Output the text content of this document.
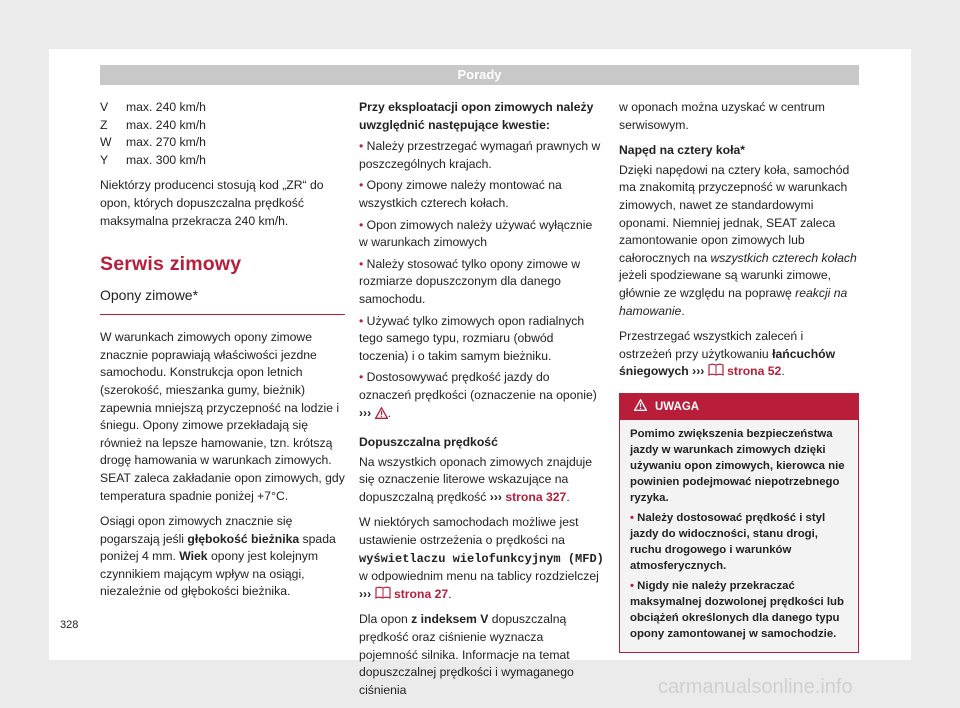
Porady
V	max. 240 km/h
Z	max. 240 km/h
W	max. 270 km/h
Y	max. 300 km/h

Niektórzy producenci stosują kod „ZR“ do opon, których dopuszczalna prędkość maksymalna przekracza 240 km/h.

Serwis zimowy
Opony zimowe*

W warunkach zimowych opony zimowe znacznie poprawiają właściwości jezdne samochodu. Konstrukcja opon letnich (szerokość, mieszanka gumy, bieżnik) zapewnia mniejszą przyczepność na lodzie i śniegu. Opony zimowe przekładają się również na lepsze hamowanie, tzn. krótszą drogę hamowania w warunkach zimowych. SEAT zaleca zakładanie opon zimowych, gdy temperatura spadnie poniżej +7°C.

Osiągi opon zimowych znacznie się pogarszają jeśli głębokość bieżnika spada poniżej 4 mm. Wiek opony jest kolejnym czynnikiem mającym wpływ na osiągi, niezależnie od głębokości bieżnika.

Przy eksploatacji opon zimowych należy uwzględnić następujące kwestie:

• Należy przestrzegać wymagań prawnych w poszczególnych krajach.

• Opony zimowe należy montować na wszystkich czterech kołach.

• Opon zimowych należy używać wyłącznie w warunkach zimowych

• Należy stosować tylko opony zimowe w rozmiarze dopuszczonym dla danego samochodu.

• Używać tylko zimowych opon radialnych tego samego typu, rozmiaru (obwód toczenia) i o takim samym bieżniku.

• Dostosowywać prędkość jazdy do oznaczeń prędkości (oznaczenie na oponie) ››› .

Dopuszczalna prędkość

Na wszystkich oponach zimowych znajduje się oznaczenie literowe wskazujące na dopuszczalną prędkość ››› strona 327.

W niektórych samochodach możliwe jest ustawienie ostrzeżenia o prędkości na wyświetlaczu wielofunkcyjnym (MFD) w odpowiednim menu na tablicy rozdzielczej ››› strona 27.

Dla opon z indeksem V dopuszczalną prędkość oraz ciśnienie wyznacza pojemność silnika. Informacje na temat dopuszczalnej prędkości i wymaganego ciśnienia

w oponach można uzyskać w centrum serwisowym.

Napęd na cztery koła*

Dzięki napędowi na cztery koła, samochód ma znakomitą przyczepność w warunkach zimowych, nawet ze standardowymi oponami. Niemniej jednak, SEAT zaleca zamontowanie opon zimowych lub całorocznych na wszystkich czterech kołach jeżeli spodziewane są warunki zimowe, głównie ze względu na poprawę reakcji na hamowanie.

Przestrzegać wszystkich zaleceń i ostrzeżeń przy użytkowaniu łańcuchów śniegowych ››› strona 52.

UWAGA

Pomimo zwiększenia bezpieczeństwa jazdy w warunkach zimowych dzięki używaniu opon zimowych, kierowca nie powinien podejmować niepotrzebnego ryzyka.

• Należy dostosować prędkość i styl jazdy do widoczności, stanu drogi, ruchu drogowego i warunków atmosferycznych.

• Nigdy nie należy przekraczać maksymalnej dozwolonej prędkości lub obciążeń określonych dla danego typu opony zamontowanej w samochodzie.

328
carmanualsonline.info
